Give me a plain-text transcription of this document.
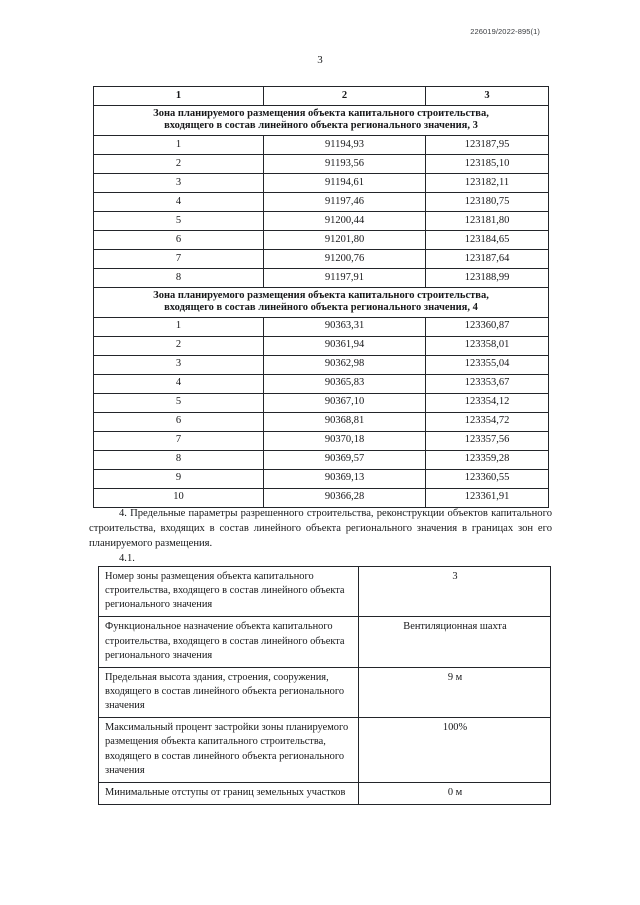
226019/2022-895(1)
3
1	2	3
Зона планируемого размещения объекта капитального строительства,
входящего в состав линейного объекта регионального значения, 3		
1	91194,93	123187,95
2	91193,56	123185,10
3	91194,61	123182,11
4	91197,46	123180,75
5	91200,44	123181,80
6	91201,80	123184,65
7	91200,76	123187,64
8	91197,91	123188,99
Зона планируемого размещения объекта капитального строительства,
входящего в состав линейного объекта регионального значения, 4		
1	90363,31	123360,87
2	90361,94	123358,01
3	90362,98	123355,04
4	90365,83	123353,67
5	90367,10	123354,12
6	90368,81	123354,72
7	90370,18	123357,56
8	90369,57	123359,28
9	90369,13	123360,55
10	90366,28	123361,91

4. Предельные параметры разрешенного строительства, реконструкции объектов капитального строительства, входящих в состав линейного объекта регионального значения в границах зон его планируемого размещения.

4.1.

Номер зоны размещения объекта капитального строительства, входящего в состав линейного объекта регионального значения	3
Функциональное назначение объекта капитального строительства, входящего в состав линейного объекта регионального значения	Вентиляционная шахта
Предельная высота здания, строения, сооружения, входящего в состав линейного объекта регионального значения	9 м
Максимальный процент застройки зоны планируемого размещения объекта капитального строительства, входящего в состав линейного объекта регионального значения	100%
Минимальные отступы от границ земельных участков	0 м
